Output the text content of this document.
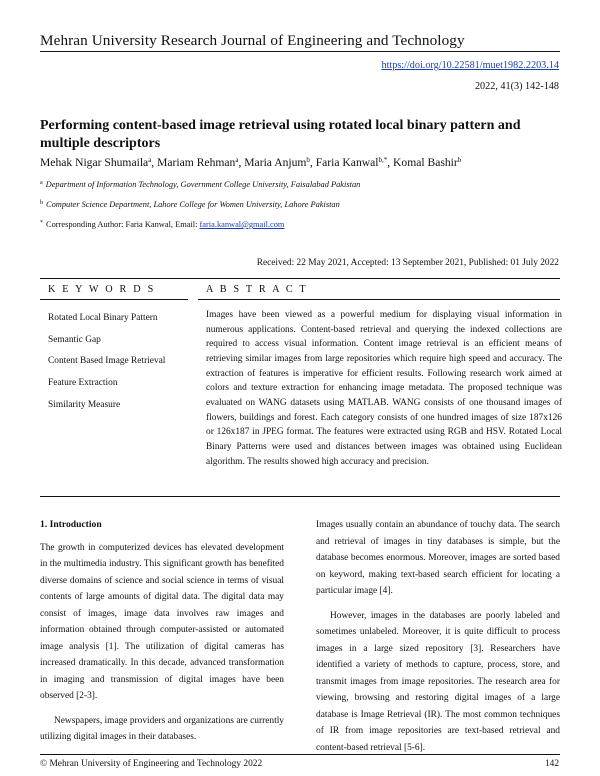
Mehran University Research Journal of Engineering and Technology
https://doi.org/10.22581/muet1982.2203.14
2022, 41(3) 142-148
Performing content-based image retrieval using rotated local binary pattern and multiple descriptors
Mehak Nigar Shumaila$^a$, Mariam Rehman$^a$, Maria Anjum$^b$, Faria Kanwal$^{b,*}$, Komal Bashir$^b$
$^a$ Department of Information Technology, Government College University, Faisalabad Pakistan
$^b$ Computer Science Department, Lahore College for Women University, Lahore Pakistan
* Corresponding Author: Faria Kanwal, Email: faria.kanwal@gmail.com
Received: 22 May 2021, Accepted: 13 September 2021, Published: 01 July 2022
K E Y W O R D S	A B S T R A C T
Rotated Local Binary Pattern
Semantic Gap
Content Based Image Retrieval
Feature Extraction
Similarity Measure
Images have been viewed as a powerful medium for displaying visual information in numerous applications. Content-based retrieval and querying the indexed collections are required to access visual information. Content image retrieval is an efficient means of retrieving similar images from large repositories which require high speed and accuracy. The extraction of features is imperative for efficient results. Following research work aimed at colors and texture extraction for enhancing image metadata. The proposed technique was evaluated on WANG datasets using MATLAB. WANG consists of one thousand images of flowers, buildings and forest. Each category consists of one hundred images of size 187x126 or 126x187 in JPEG format. The features were extracted using RGB and HSV. Rotated Local Binary Patterns were used and distances between images was obtained using Euclidean algorithm. The results showed high accuracy and precision.

1. Introduction

The growth in computerized devices has elevated development in the multimedia industry. This significant growth has benefited diverse domains of science and social science in terms of visual contents of large amounts of digital data. The digital data may consist of images, image data involves raw images and information obtained through computer-assisted or automated image analysis [1]. The utilization of digital cameras has increased dramatically. In this decade, advanced transformation in imaging and transmission of digital images have been observed [2-3].

Newspapers, image providers and organizations are currently utilizing digital images in their databases.

Images usually contain an abundance of touchy data. The search and retrieval of images in tiny databases is simple, but the database becomes enormous. Moreover, images are sorted based on keyword, making text-based search efficient for locating a particular image [4].

However, images in the databases are poorly labeled and sometimes unlabeled. Moreover, it is quite difficult to process images in a large sized repository [3]. Researchers have identified a variety of methods to capture, process, store, and transmit images from image repositories. The research area for viewing, browsing and restoring digital images of a large database is Image Retrieval (IR). The most common techniques of IR from image repositories are text-based retrieval and content-based retrieval [5-6].

© Mehran University of Engineering and Technology 2022	142
